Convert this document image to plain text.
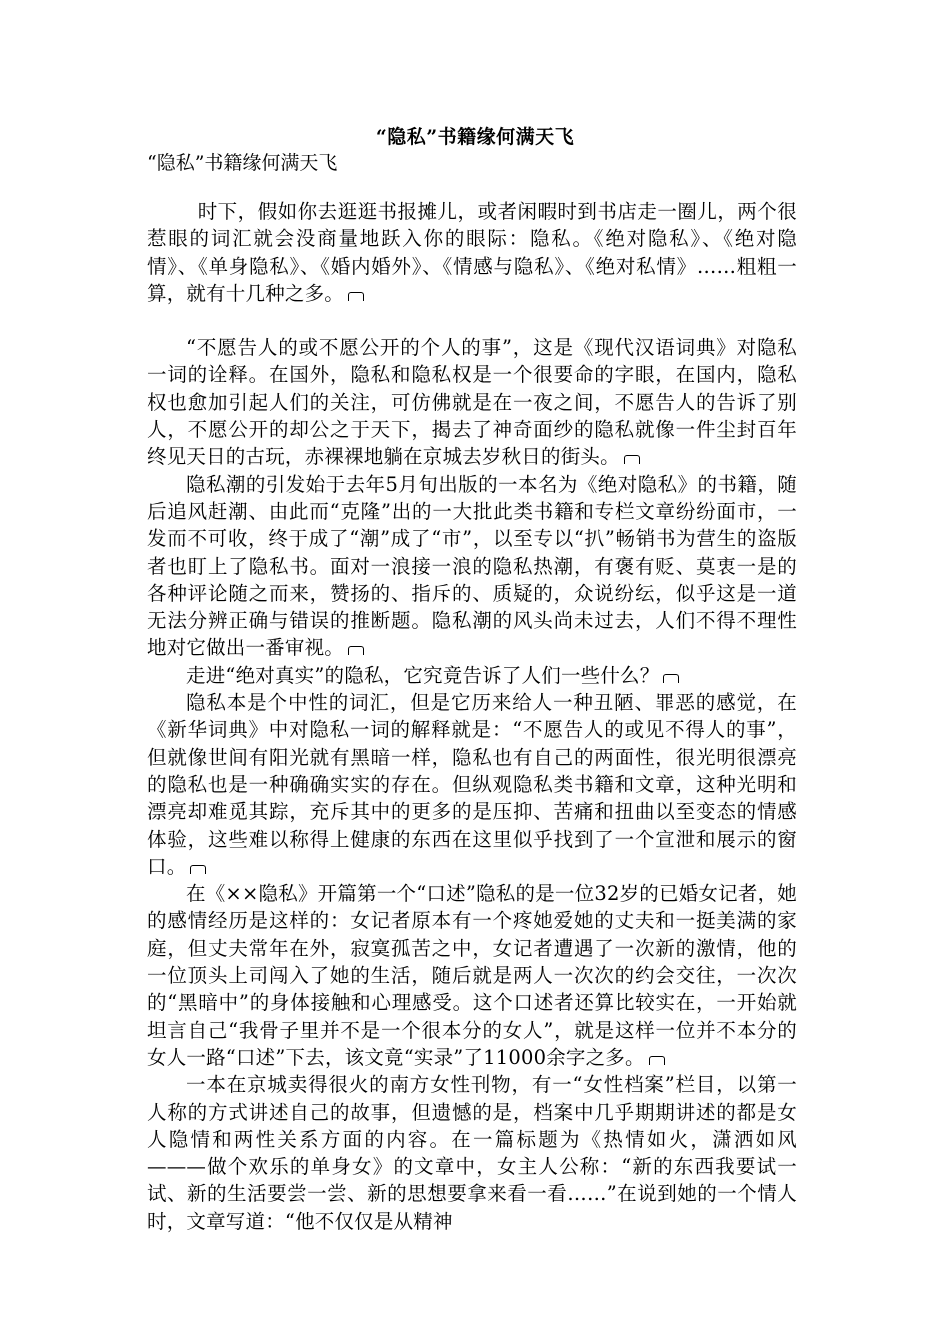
“隐私”书籍缘何满天飞
“隐私”书籍缘何满天飞

时下，假如你去逛逛书报摊儿，或者闲暇时到书店走一圈儿，两个很惹眼的词汇就会没商量地跃入你的眼际：隐私。《绝对隐私》、《绝对隐情》、《单身隐私》、《婚内婚外》、《情感与隐私》、《绝对私情》……粗粗一算，就有十几种之多。

“不愿告人的或不愿公开的个人的事”，这是《现代汉语词典》对隐私一词的诠释。在国外，隐私和隐私权是一个很要命的字眼，在国内，隐私权也愈加引起人们的关注，可仿佛就是在一夜之间，不愿告人的告诉了别人，不愿公开的却公之于天下，揭去了神奇面纱的隐私就像一件尘封百年终见天日的古玩，赤裸裸地躺在京城去岁秋日的街头。

隐私潮的引发始于去年5月旬出版的一本名为《绝对隐私》的书籍，随后追风赶潮、由此而“克隆”出的一大批此类书籍和专栏文章纷纷面市，一发而不可收，终于成了“潮”成了“市”，以至专以“扒”畅销书为营生的盗版者也盯上了隐私书。面对一浪接一浪的隐私热潮，有褒有贬、莫衷一是的各种评论随之而来，赞扬的、指斥的、质疑的，众说纷纭，似乎这是一道无法分辨正确与错误的推断题。隐私潮的风头尚未过去，人们不得不理性地对它做出一番审视。

走进“绝对真实”的隐私，它究竟告诉了人们一些什么？

隐私本是个中性的词汇，但是它历来给人一种丑陋、罪恶的感觉，在《新华词典》中对隐私一词的解释就是：“不愿告人的或见不得人的事”，但就像世间有阳光就有黑暗一样，隐私也有自己的两面性，很光明很漂亮的隐私也是一种确确实实的存在。但纵观隐私类书籍和文章，这种光明和漂亮却难觅其踪，充斥其中的更多的是压抑、苦痛和扭曲以至变态的情感体验，这些难以称得上健康的东西在这里似乎找到了一个宣泄和展示的窗口。

在《××隐私》开篇第一个“口述”隐私的是一位32岁的已婚女记者，她的感情经历是这样的：女记者原本有一个疼她爱她的丈夫和一挺美满的家庭，但丈夫常年在外，寂寞孤苦之中，女记者遭遇了一次新的激情，他的一位顶头上司闯入了她的生活，随后就是两人一次次的约会交往，一次次的“黑暗中”的身体接触和心理感受。这个口述者还算比较实在，一开始就坦言自己“我骨子里并不是一个很本分的女人”，就是这样一位并不本分的女人一路“口述”下去，该文竟“实录”了11000余字之多。

一本在京城卖得很火的南方女性刊物，有一“女性档案”栏目，以第一人称的方式讲述自己的故事，但遗憾的是，档案中几乎期期讲述的都是女人隐情和两性关系方面的内容。在一篇标题为《热情如火，潇洒如风———做个欢乐的单身女》的文章中，女主人公称：“新的东西我要试一试、新的生活要尝一尝、新的思想要拿来看一看……”在说到她的一个情人时，文章写道：“他不仅仅是从精神
